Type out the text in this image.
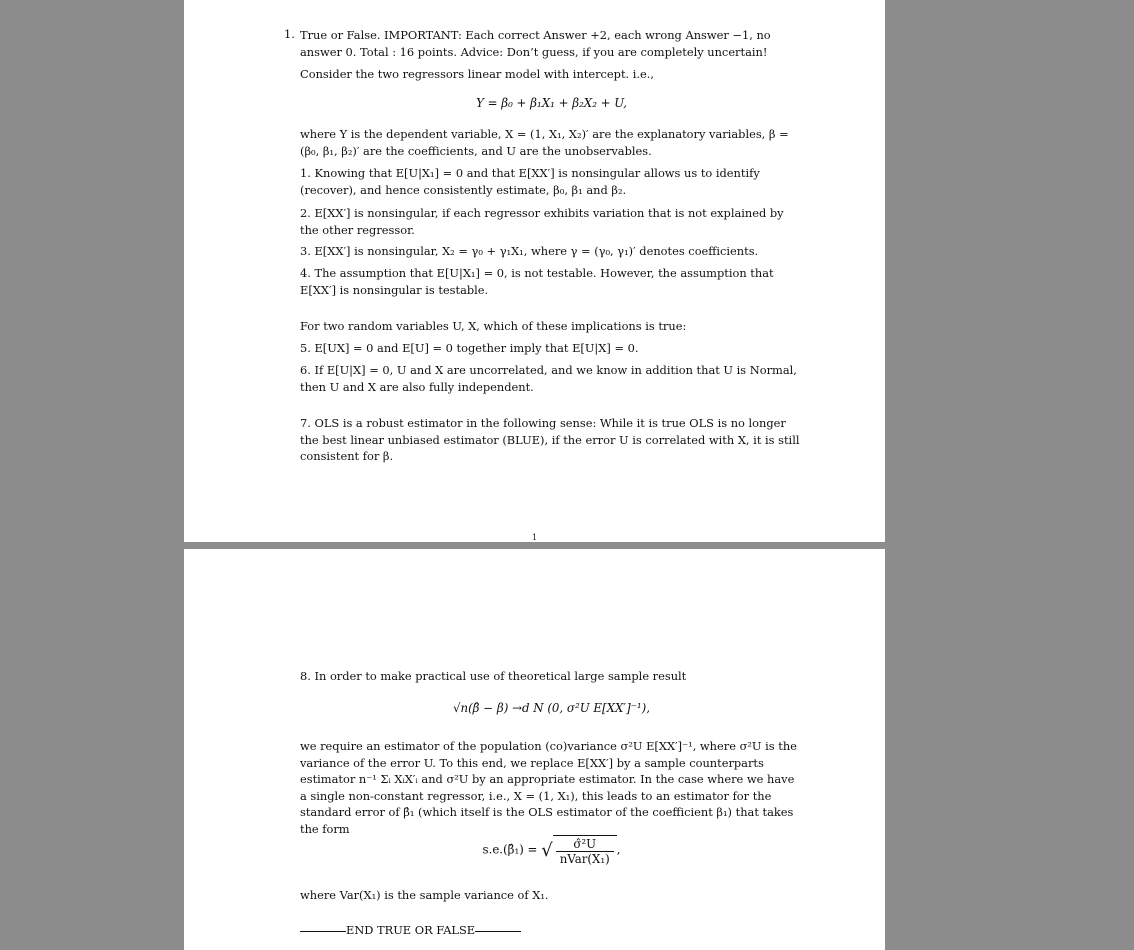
1. True or False. IMPORTANT: Each correct Answer +2, each wrong Answer −1, no answer 0. Total : 16 points. Advice: Don’t guess, if you are completely uncertain!
Consider the two regressors linear model with intercept. i.e.,
Y = β₀ + β₁X₁ + β₂X₂ + U,
where Y is the dependent variable, X = (1, X₁, X₂)′ are the explanatory variables, β = (β₀, β₁, β₂)′ are the coefficients, and U are the unobservables.
1. Knowing that E[U|X₁] = 0 and that E[XX′] is nonsingular allows us to identify (recover), and hence consistently estimate, β₀, β₁ and β₂.
2. E[XX′] is nonsingular, if each regressor exhibits variation that is not explained by the other regressor.
3. E[XX′] is nonsingular, X₂ = γ₀ + γ₁X₁, where γ = (γ₀, γ₁)′ denotes coefficients.
4. The assumption that E[U|X₁] = 0, is not testable. However, the assumption that E[XX′] is nonsingular is testable.
For two random variables U, X, which of these implications is true:
5. E[UX] = 0 and E[U] = 0 together imply that E[U|X] = 0.
6. If E[U|X] = 0, U and X are uncorrelated, and we know in addition that U is Normal, then U and X are also fully independent.
7. OLS is a robust estimator in the following sense: While it is true OLS is no longer the best linear unbiased estimator (BLUE), if the error U is correlated with X, it is still consistent for β.
1
8. In order to make practical use of theoretical large sample result
√n(β̂ − β) →d N (0, σ²U E[XX′]⁻¹),
we require an estimator of the population (co)variance σ²U E[XX′]⁻¹, where σ²U is the variance of the error U. To this end, we replace E[XX′] by a sample counterparts estimator n⁻¹ Σᵢ XᵢX′ᵢ and σ²U by an appropriate estimator. In the case where we have a single non-constant regressor, i.e., X = (1, X₁), this leads to an estimator for the standard error of β̂₁ (which itself is the OLS estimator of the coefficient β₁) that takes the form
s.e.(β̂₁) = √ $\frac{\text{σ̂²U}}{\text{nVar(X₁)}}$ ,
where Var(X₁) is the sample variance of X₁.
END TRUE OR FALSE
